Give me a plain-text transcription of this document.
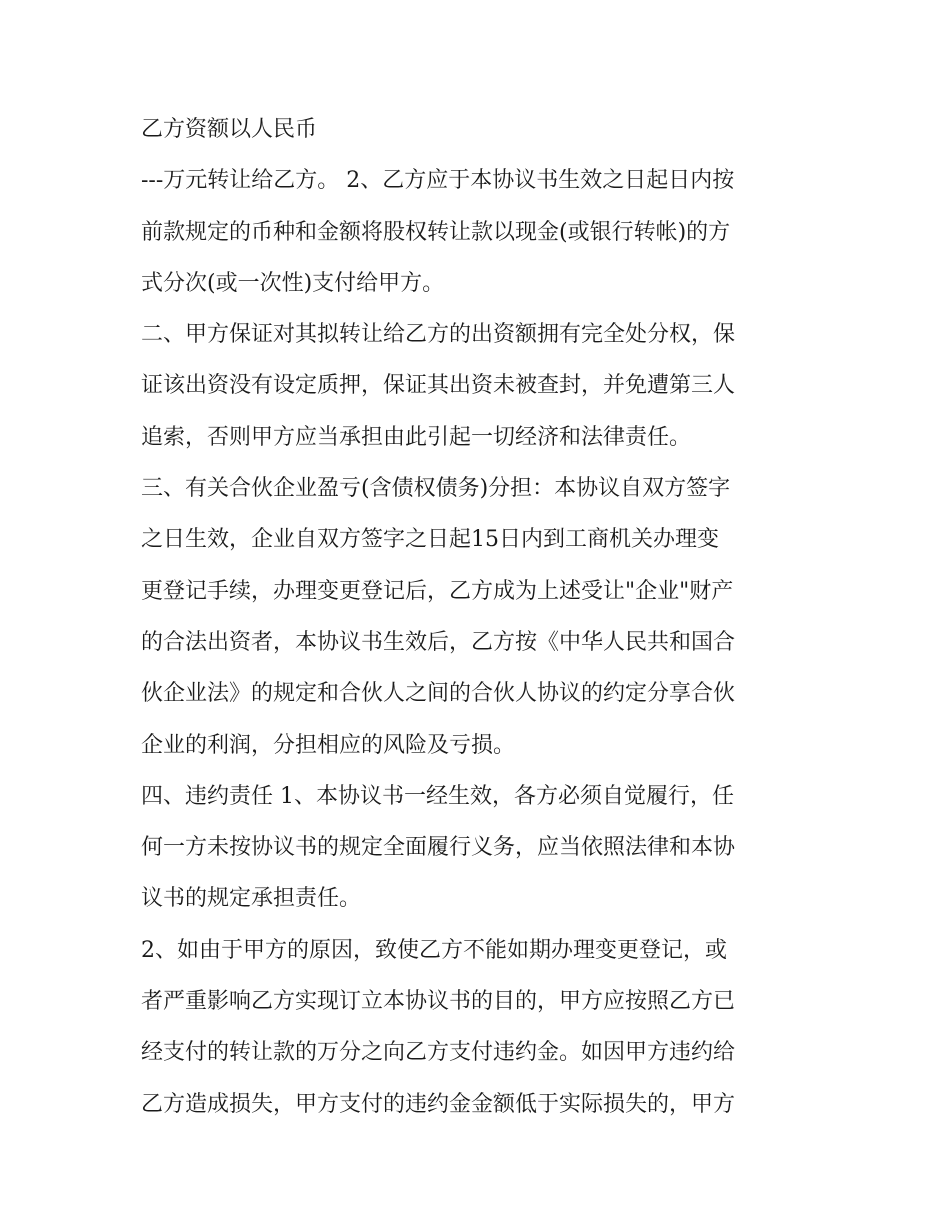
乙方资额以人民币
---万元转让给乙方。 2、乙方应于本协议书生效之日起日内按
前款规定的币种和金额将股权转让款以现金(或银行转帐)的方
式分次(或一次性)支付给甲方。
二、甲方保证对其拟转让给乙方的出资额拥有完全处分权，保
证该出资没有设定质押，保证其出资未被查封，并免遭第三人
追索，否则甲方应当承担由此引起一切经济和法律责任。
三、有关合伙企业盈亏(含债权债务)分担：本协议自双方签字
之日生效，企业自双方签字之日起15日内到工商机关办理变
更登记手续，办理变更登记后，乙方成为上述受让"企业"财产
的合法出资者，本协议书生效后，乙方按《中华人民共和国合
伙企业法》的规定和合伙人之间的合伙人协议的约定分享合伙
企业的利润，分担相应的风险及亏损。
四、违约责任 1、本协议书一经生效，各方必须自觉履行，任
何一方未按协议书的规定全面履行义务，应当依照法律和本协
议书的规定承担责任。
2、如由于甲方的原因，致使乙方不能如期办理变更登记，或
者严重影响乙方实现订立本协议书的目的，甲方应按照乙方已
经支付的转让款的万分之向乙方支付违约金。如因甲方违约给
乙方造成损失，甲方支付的违约金金额低于实际损失的，甲方
